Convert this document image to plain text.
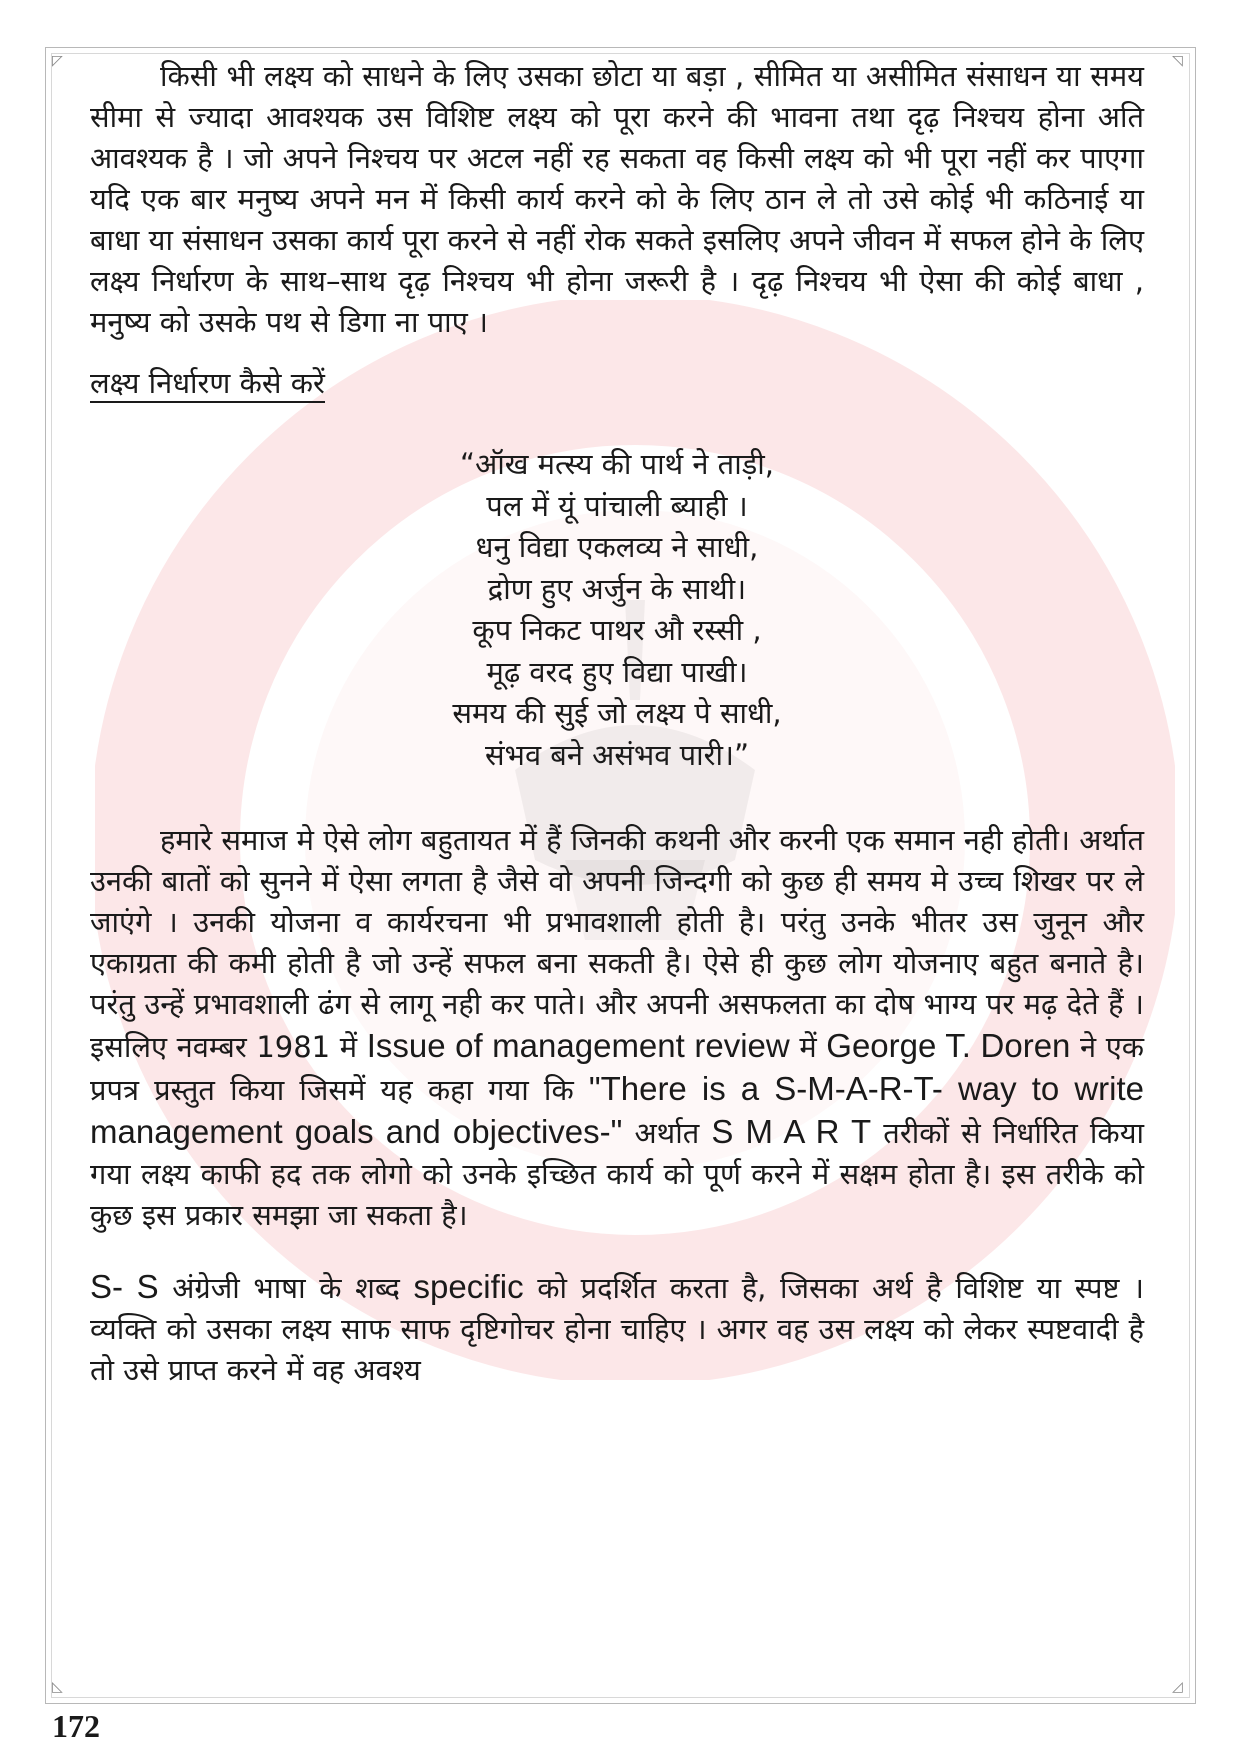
◸	◹
◺	◿

किसी भी लक्ष्य को साधने के लिए उसका छोटा या बड़ा , सीमित या असीमित संसाधन या समय सीमा से ज्यादा आवश्यक उस विशिष्ट लक्ष्य को पूरा करने की भावना तथा दृढ़ निश्चय होना अति आवश्यक है । जो अपने निश्चय पर अटल नहीं रह सकता वह किसी लक्ष्य को भी पूरा नहीं कर पाएगा यदि एक बार मनुष्य अपने मन में किसी कार्य करने को के लिए ठान ले तो उसे कोई भी कठिनाई या बाधा या संसाधन उसका कार्य पूरा करने से नहीं रोक सकते इसलिए अपने जीवन में सफल होने के लिए लक्ष्य निर्धारण के साथ–साथ दृढ़ निश्चय भी होना जरूरी है । दृढ़ निश्चय भी ऐसा की कोई बाधा , मनुष्य को उसके पथ से डिगा ना पाए ।

लक्ष्य निर्धारण कैसे करें
“ऑख मत्स्य की पार्थ ने ताड़ी,
पल में यूं पांचाली ब्याही ।
धनु विद्या एकलव्य ने साधी,
द्रोण हुए अर्जुन के साथी।
कूप निकट पाथर औ रस्सी ,
मूढ़ वरद हुए विद्या पाखी।
समय की सुई जो लक्ष्य पे साधी,
संभव बने असंभव पारी।”

हमारे समाज मे ऐसे लोग बहुतायत में हैं जिनकी कथनी और करनी एक समान नही होती। अर्थात उनकी बातों को सुनने में ऐसा लगता है जैसे वो अपनी जिन्दगी को कुछ ही समय मे उच्च शिखर पर ले जाएंगे । उनकी योजना व कार्यरचना भी प्रभावशाली होती है। परंतु उनके भीतर उस जुनून और एकाग्रता की कमी होती है जो उन्हें सफल बना सकती है। ऐसे ही कुछ लोग योजनाए बहुत बनाते है। परंतु उन्हें प्रभावशाली ढंग से लागू नही कर पाते। और अपनी असफलता का दोष भाग्य पर मढ़ देते हैं । इसलिए नवम्बर 1981 में Issue of management review में George T. Doren ने एक प्रपत्र प्रस्तुत किया जिसमें यह कहा गया कि "There is a S-M-A-R-T- way to write management goals and objectives-" अर्थात S M A R T तरीकों से निर्धारित किया गया लक्ष्य काफी हद तक लोगो को उनके इच्छित कार्य को पूर्ण करने में सक्षम होता है। इस तरीके को कुछ इस प्रकार समझा जा सकता है।

S- S अंग्रेजी भाषा के शब्द specific को प्रदर्शित करता है, जिसका अर्थ है विशिष्ट या स्पष्ट । व्यक्ति को उसका लक्ष्य साफ साफ दृष्टिगोचर होना चाहिए । अगर वह उस लक्ष्य को लेकर स्पष्टवादी है तो उसे प्राप्त करने में वह अवश्य

172
